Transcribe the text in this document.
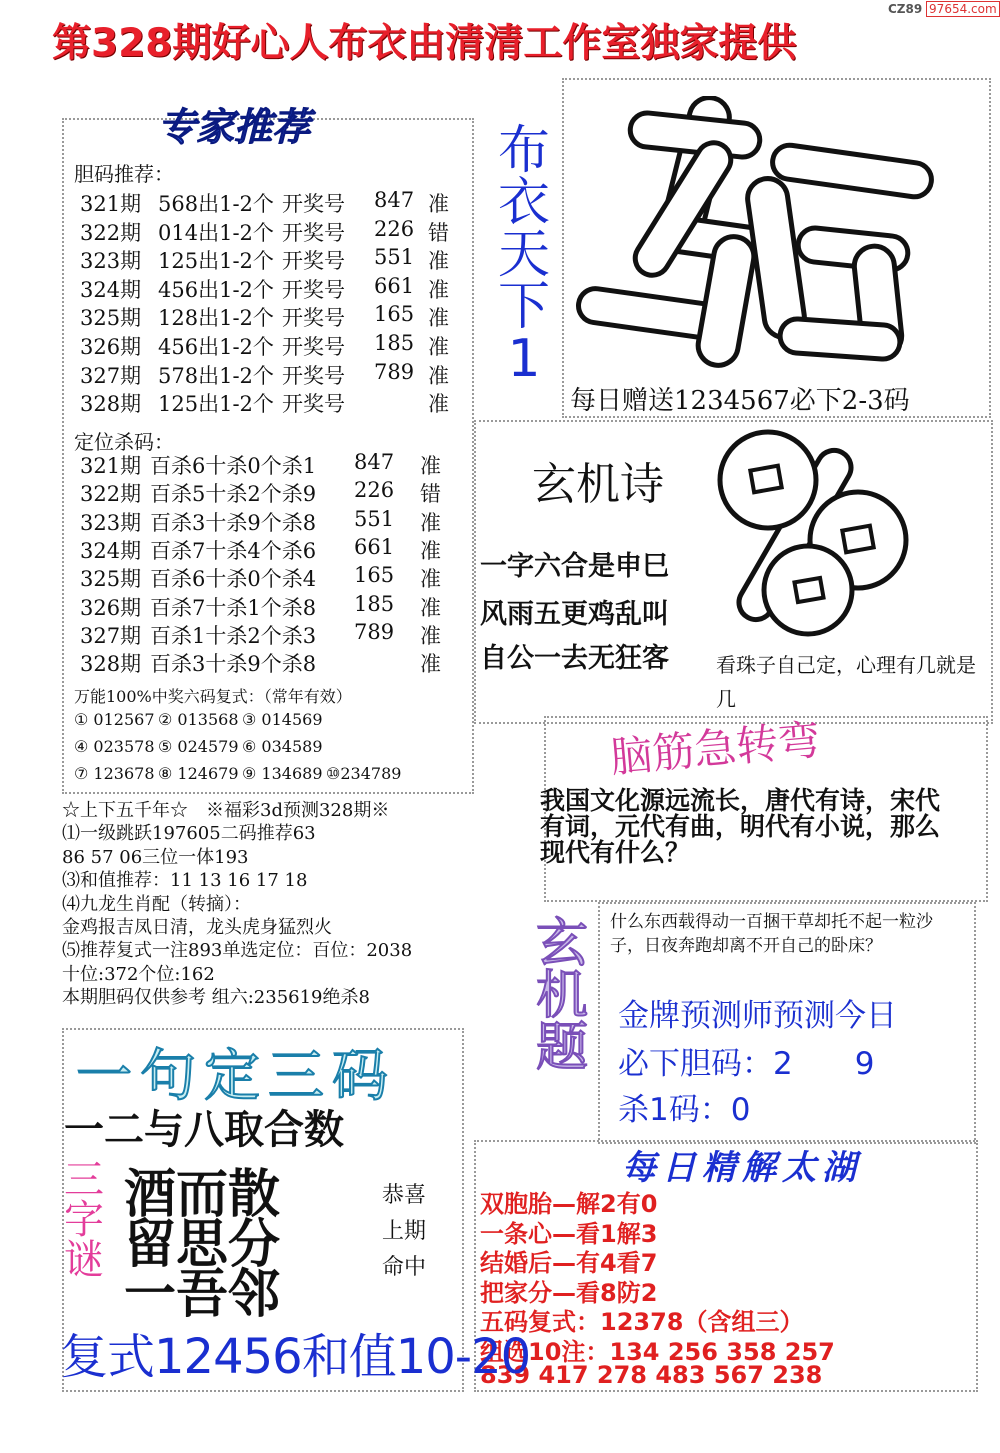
第328期好心人布衣由清清工作室独家提供
CZ89 97654.com
专家推荐
胆码推荐：
321期 568出1-2个 开奖号 847 准
322期 014出1-2个 开奖号 226 错
323期 125出1-2个 开奖号 551 准
324期 456出1-2个 开奖号 661 准
325期 128出1-2个 开奖号 165 准
326期 456出1-2个 开奖号 185 准
327期 578出1-2个 开奖号 789 准
328期 125出1-2个 开奖号	准
定位杀码：
321期 百杀6十杀0个杀1 847 准
322期 百杀5十杀2个杀9 226 错
323期 百杀3十杀9个杀8 551 准
324期 百杀7十杀4个杀6 661 准
325期 百杀6十杀0个杀4 165 准
326期 百杀7十杀1个杀8 185 准
327期 百杀1十杀2个杀3 789 准
328期 百杀3十杀9个杀8	准
万能100%中奖六码复式：（常年有效）
① 012567 ② 013568 ③ 014569
④ 023578 ⑤ 024579 ⑥ 034589
⑦ 123678 ⑧ 124679 ⑨ 134689 ⑩234789
☆上下五千年☆　※福彩3d预测328期※
⑴一级跳跃197605二码推荐63
86 57 06三位一体193
⑶和值推荐：11 13 16 17 18
⑷九龙生肖配（转摘）：
金鸡报吉凤日清，龙头虎身猛烈火
⑸推荐复式一注893单选定位：百位：2038
十位:372个位:162
本期胆码仅供参考 组六:235619绝杀8
布
衣
天
下
1
36
每日赠送1234567必下2-3码
玄机诗
一字六合是申巳
风雨五更鸡乱叫
自公一去无狂客
%
看珠子自己定，心理有几就是几
脑筋急转弯
我国文化源远流长，唐代有诗，宋代有词，元代有曲，明代有小说，那么现代有什么？
玄
机
题
什么东西载得动一百捆干草却托不起一粒沙子，日夜奔跑却离不开自己的卧床？
金牌预测师预测今日
必下胆码：2　　9
杀1码：0
每日精解太湖
双胞胎—解2有0
一条心—看1解3
结婚后—有4看7
把家分—看8防2
五码复式：12378（含组三）
组选10注：134 256 358 257
839 417 278 483 567 238
一句定三码
一二与八取合数
三
字
谜
酒而散
留思分
一吾邻
恭喜
上期
命中
复式12456和值10-20
